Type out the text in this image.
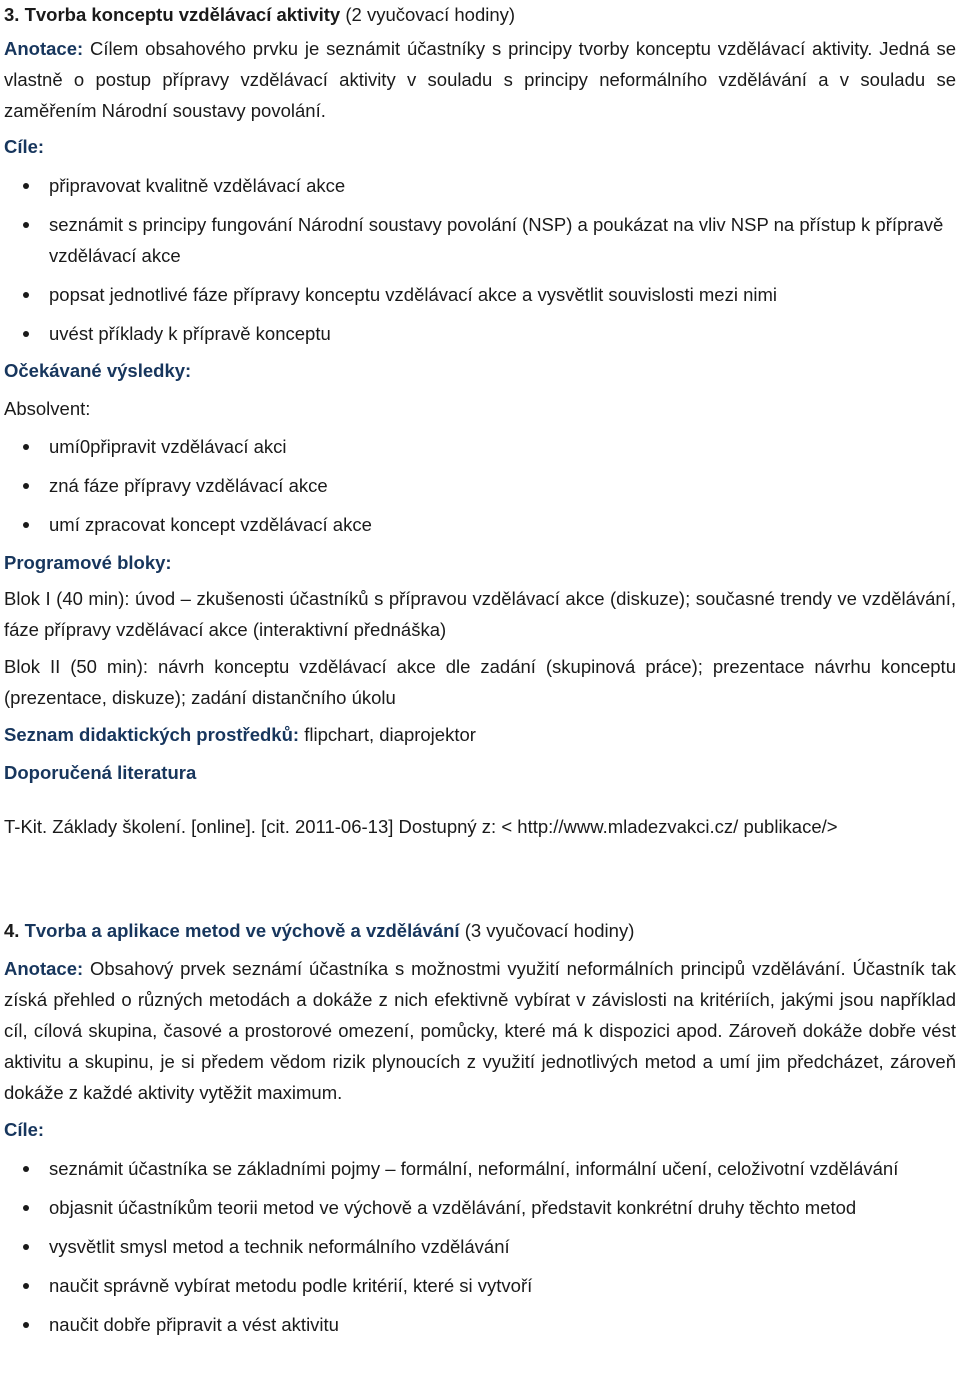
3. Tvorba konceptu vzdělávací aktivity (2 vyučovací hodiny)

Anotace: Cílem obsahového prvku je seznámit účastníky s principy tvorby konceptu vzdělávací aktivity. Jedná se vlastně o postup přípravy vzdělávací aktivity v souladu s principy neformálního vzdělávání a v souladu se zaměřením Národní soustavy povolání.

Cíle:

připravovat kvalitně vzdělávací akce
seznámit s principy fungování Národní soustavy povolání (NSP) a poukázat na vliv NSP na přístup k přípravě vzdělávací akce
popsat jednotlivé fáze přípravy konceptu vzdělávací akce a vysvětlit souvislosti mezi nimi
uvést příklady k přípravě konceptu

Očekávané výsledky:

Absolvent:

umí0připravit vzdělávací akci
zná fáze přípravy vzdělávací akce
umí zpracovat koncept vzdělávací akce

Programové bloky:

Blok I (40 min): úvod – zkušenosti účastníků s přípravou vzdělávací akce (diskuze); současné trendy ve vzdělávání, fáze přípravy vzdělávací akce (interaktivní přednáška)

Blok II (50 min): návrh konceptu vzdělávací akce dle zadání (skupinová práce); prezentace návrhu konceptu (prezentace, diskuze); zadání distančního úkolu

Seznam didaktických prostředků: flipchart, diaprojektor

Doporučená literatura

T-Kit. Základy školení. [online]. [cit. 2011-06-13] Dostupný z: < http://www.mladezvakci.cz/ publikace/>

4. Tvorba a aplikace metod ve výchově a vzdělávání (3 vyučovací hodiny)

Anotace: Obsahový prvek seznámí účastníka s možnostmi využití neformálních principů vzdělávání. Účastník tak získá přehled o různých metodách a dokáže z nich efektivně vybírat v závislosti na kritériích, jakými jsou například cíl, cílová skupina, časové a prostorové omezení, pomůcky, které má k dispozici apod. Zároveň dokáže dobře vést aktivitu a skupinu, je si předem vědom rizik plynoucích z využití jednotlivých metod a umí jim předcházet, zároveň dokáže z každé aktivity vytěžit maximum.

Cíle:

seznámit účastníka se základními pojmy – formální, neformální, informální učení, celoživotní vzdělávání
objasnit účastníkům teorii metod ve výchově a vzdělávání, představit konkrétní druhy těchto metod
vysvětlit smysl metod a technik neformálního vzdělávání
naučit správně vybírat metodu podle kritérií, které si vytvoří
naučit dobře připravit a vést aktivitu
